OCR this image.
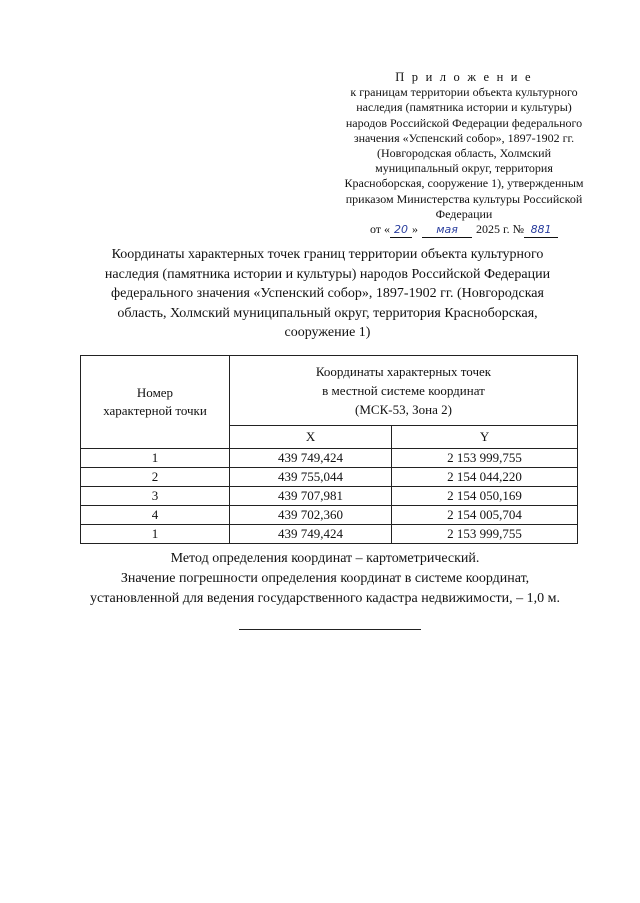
П р и л о ж е н и е
к границам территории объекта культурного
наследия (памятника истории и культуры)
народов Российской Федерации федерального
значения «Успенский собор», 1897-1902 гг.
(Новгородская область, Холмский
муниципальный округ, территория
Красноборская, сооружение 1), утвержденным
приказом Министерства культуры Российской
Федерации
от « 20 » мая 2025 г. № 881
Координаты характерных точек границ территории объекта культурного
наследия (памятника истории и культуры) народов Российской Федерации
федерального значения «Успенский собор», 1897-1902 гг. (Новгородская
область, Холмский муниципальный округ, территория Красноборская,
сооружение 1)
Номер
характерной точки	Координаты характерных точек
в местной системе координат
(МСК-53, Зона 2)	
	X	Y
1	439 749,424	2 153 999,755
2	439 755,044	2 154 044,220
3	439 707,981	2 154 050,169
4	439 702,360	2 154 005,704
1	439 749,424	2 153 999,755
Метод определения координат – картометрический.
Значение погрешности определения координат в системе координат,
установленной для ведения государственного кадастра недвижимости, – 1,0 м.
